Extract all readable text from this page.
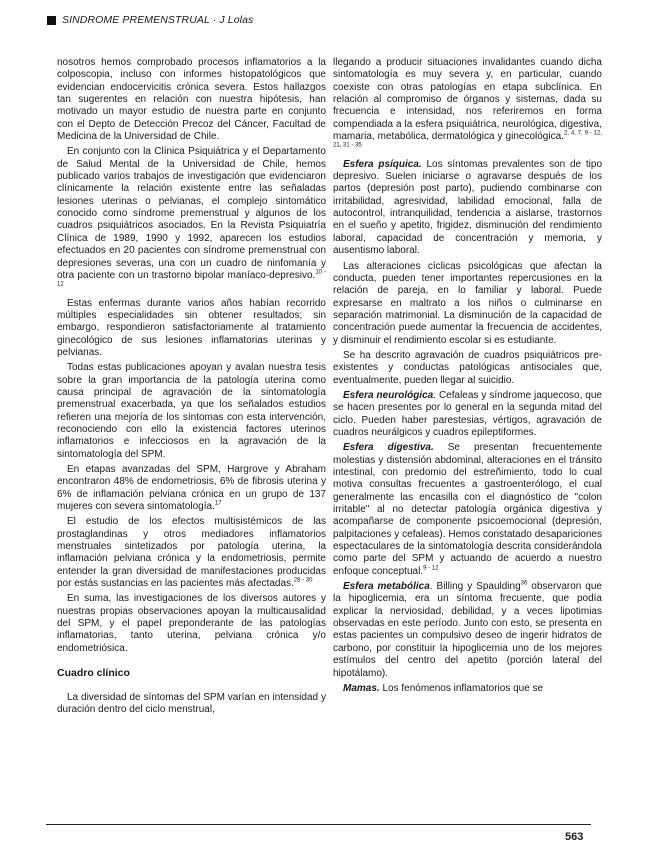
SINDROME PREMENSTRUAL · J Lolas

nosotros hemos comprobado procesos inflamatorios a la colposcopia, incluso con informes histopatológicos que evidencian endocervicitis crónica severa. Estos hallazgos tan sugerentes en relación con nuestra hipótesis, han motivado un mayor estudio de nuestra parte en conjunto con el Depto de Detección Precoz del Cáncer, Facultad de Medicina de la Universidad de Chile.

En conjunto con la Clínica Psiquiátrica y el Departamento de Salud Mental de la Universidad de Chile, hemos publicado varios trabajos de investigación que evidenciaron clínicamente la relación existente entre las señaladas lesiones uterinas o pelvianas, el complejo sintomático conocido como síndrome premenstrual y algunos de los cuadros psiquiátricos asociados. En la Revista Psiquiatría Clínica de 1989, 1990 y 1992, aparecen los estudios efectuados en 20 pacientes con síndrome premenstrual con depresiones severas, una con un cuadro de ninfomanía y otra paciente con un trastorno bipolar maníaco-depresivo.$^{10 - 12}$

Estas enfermas durante varios años habían recorrido múltiples especialidades sin obtener resultados; sin embargo, respondieron satisfactoriamente al tratamiento ginecológico de sus lesiones inflamatorias uterinas y pelvianas.

Todas estas publicaciones apoyan y avalan nuestra tesis sobre la gran importancia de la patología uterina como causa principal de agravación de la sintomatología premenstrual exacerbada, ya que los señalados estudios refieren una mejoría de los síntomas con esta intervención, reconociendo con ello la existencia factores uterinos inflamatorios e infecciosos en la agravación de la sintomatología del SPM.

En etapas avanzadas del SPM, Hargrove y Abraham encontraron 48% de endometriosis, 6% de fibrosis uterina y 6% de inflamación pelviana crónica en un grupo de 137 mujeres con severa sintomatología.$^{17}$

El estudio de los efectos multisistémicos de las prostaglandinas y otros mediadores inflamatorios menstruales sintetizados por patología uterina, la inflamación pelviana crónica y la endometriosis, permite entender la gran diversidad de manifestaciones producidas por estás sustancias en las pacientes más afectadas.$^{28 - 30}$

En suma, las investigaciones de los diversos autores y nuestras propias observaciones apoyan la multicausalidad del SPM, y el papel preponderante de las patologías inflamatorias, tanto uterina, pelviana crónica y/o endometriósica.

Cuadro clínico

La diversidad de síntomas del SPM varían en intensidad y duración dentro del ciclo menstrual,

llegando a producir situaciones invalidantes cuando dicha sintomatología es muy severa y, en particular, cuando coexiste con otras patologías en etapa subclínica. En relación al compromiso de órganos y sistemas, dada su frecuencia e intensidad, nos referiremos en forma compendiada a la esfera psiquiátrica, neurológica, digestiva, mamaria, metabólica, dermatológica y ginecológica.$^{2, 4, 7, 9 - 12, 21, 31 - 35}$

Esfera psíquica. Los síntomas prevalentes son de tipo depresivo. Suelen iniciarse o agravarse después de los partos (depresión post parto), pudiendo combinarse con irritabilidad, agresividad, labilidad emocional, falla de autocontrol, intranquilidad, tendencia a aislarse, trastornos en el sueño y apetito, frigidez, disminución del rendimiento laboral, capacidad de concentración y memoria, y ausentismo laboral.

Las alteraciones cíclicas psicológicas que afectan la conducta, pueden tener importantes repercusiones en la relación de pareja, en lo familiar y laboral. Puede expresarse en maltrato a los niños o culminarse en separación matrimonial. La disminución de la capacidad de concentración puede aumentar la frecuencia de accidentes, y disminuir el rendimiento escolar si es estudiante.

Se ha descrito agravación de cuadros psiquiátricos pre-existentes y conductas patológicas antisociales que, eventualmente, pueden llegar al suicidio.

Esfera neurológica. Cefaleas y síndrome jaquecoso, que se hacen presentes por lo general en la segunda mitad del ciclo. Pueden haber parestesias, vértigos, agravación de cuadros neurálgicos y cuadros epileptiformes.

Esfera digestiva. Se presentan frecuentemente molestias y distensión abdominal, alteraciones en el tránsito intestinal, con predomio del estreñimiento, todo lo cual motiva consultas frecuentes a gastroenterólogo, el cual generalmente las encasilla con el diagnóstico de "colon irritable" al no detectar patología orgánica digestiva y acompañarse de componente psicoemocional (depresión, palpitaciones y cefaleas). Hemos constatado desapariciones espectaculares de la sintomatología descrita considerándola como parte del SPM y actuando de acuerdo a nuestro enfoque conceptual.$^{9 - 12}$

Esfera metabólica. Billing y Spaulding$^{36}$ observaron que la hipoglicemia, era un síntoma frecuente, que podía explicar la nerviosidad, debilidad, y a veces lipotimias observadas en este período. Junto con esto, se presenta en estas pacientes un compulsivo deseo de ingerir hidratos de carbono, por constituir la hipoglicemia uno de los mejores estímulos del centro del apetito (porción lateral del hipotálamo).

Mamas. Los fenómenos inflamatorios que se

563
